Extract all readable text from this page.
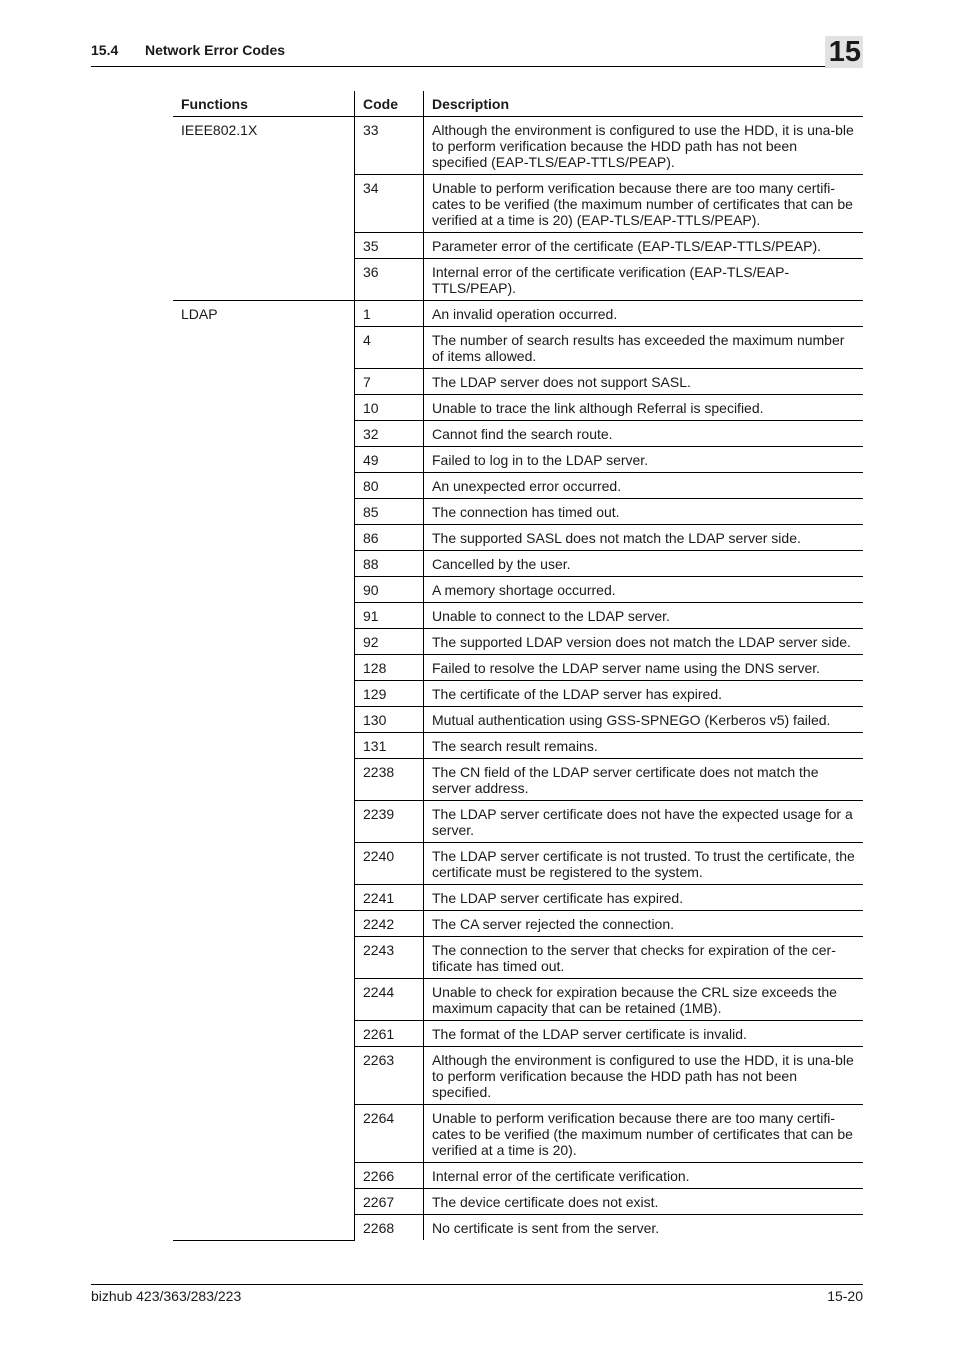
15.4 Network Error Codes	15
Functions	Code	Description
IEEE802.1X	33	Although the environment is configured to use the HDD, it is una-ble to perform verification because the HDD path has not been specified (EAP-TLS/EAP-TTLS/PEAP).
	34	Unable to perform verification because there are too many certifi-cates to be verified (the maximum number of certificates that can be verified at a time is 20) (EAP-TLS/EAP-TTLS/PEAP).
	35	Parameter error of the certificate (EAP-TLS/EAP-TTLS/PEAP).
	36	Internal error of the certificate verification (EAP-TLS/EAP-TTLS/PEAP).
LDAP	1	An invalid operation occurred.
	4	The number of search results has exceeded the maximum number of items allowed.
	7	The LDAP server does not support SASL.
	10	Unable to trace the link although Referral is specified.
	32	Cannot find the search route.
	49	Failed to log in to the LDAP server.
	80	An unexpected error occurred.
	85	The connection has timed out.
	86	The supported SASL does not match the LDAP server side.
	88	Cancelled by the user.
	90	A memory shortage occurred.
	91	Unable to connect to the LDAP server.
	92	The supported LDAP version does not match the LDAP server side.
	128	Failed to resolve the LDAP server name using the DNS server.
	129	The certificate of the LDAP server has expired.
	130	Mutual authentication using GSS-SPNEGO (Kerberos v5) failed.
	131	The search result remains.
	2238	The CN field of the LDAP server certificate does not match the server address.
	2239	The LDAP server certificate does not have the expected usage for a server.
	2240	The LDAP server certificate is not trusted. To trust the certificate, the certificate must be registered to the system.
	2241	The LDAP server certificate has expired.
	2242	The CA server rejected the connection.
	2243	The connection to the server that checks for expiration of the cer-tificate has timed out.
	2244	Unable to check for expiration because the CRL size exceeds the maximum capacity that can be retained (1MB).
	2261	The format of the LDAP server certificate is invalid.
	2263	Although the environment is configured to use the HDD, it is una-ble to perform verification because the HDD path has not been specified.
	2264	Unable to perform verification because there are too many certifi-cates to be verified (the maximum number of certificates that can be verified at a time is 20).
	2266	Internal error of the certificate verification.
	2267	The device certificate does not exist.
	2268	No certificate is sent from the server.
bizhub 423/363/283/223	15-20
